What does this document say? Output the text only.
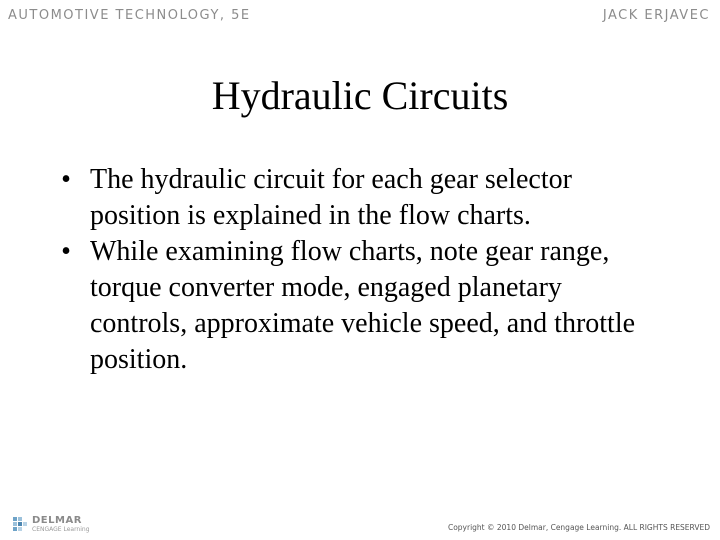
AUTOMOTIVE TECHNOLOGY, 5E	JACK ERJAVEC
Hydraulic Circuits
• The hydraulic circuit for each gear selector position is explained in the flow charts.
• While examining flow charts, note gear range, torque converter mode, engaged planetary controls, approximate vehicle speed, and throttle position.
DELMAR
CENGAGE Learning	Copyright © 2010 Delmar, Cengage Learning. ALL RIGHTS RESERVED
